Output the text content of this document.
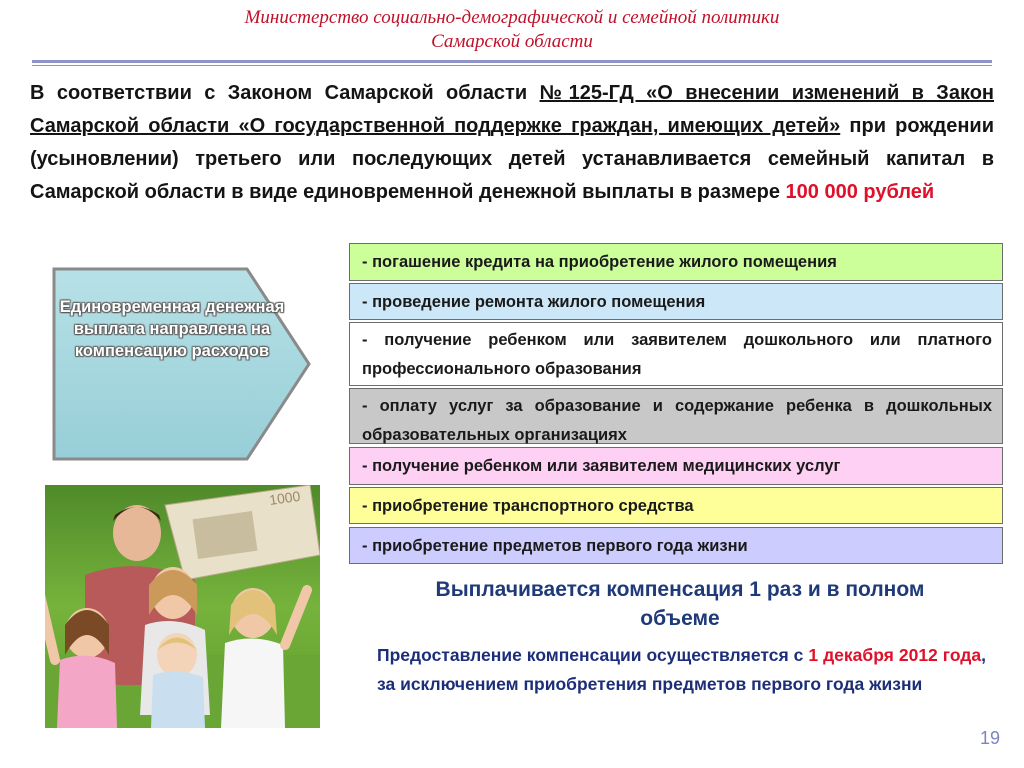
Министерство социально-демографической и семейной политики
Самарской области
В соответствии с Законом Самарской области №125-ГД «О внесении изменений в Закон Самарской области «О государственной поддержке граждан, имеющих детей» при рождении (усыновлении) третьего или последующих детей устанавливается семейный капитал в Самарской области в виде единовременной денежной выплаты в размере 100 000 рублей
Единовременная денежная выплата направлена на компенсацию расходов
- погашение кредита на приобретение жилого помещения
- проведение ремонта жилого помещения
- получение ребенком или заявителем дошкольного или платного профессионального образования
- оплату услуг за образование и содержание ребенка в дошкольных образовательных организациях
- получение ребенком или заявителем медицинских услуг
- приобретение транспортного средства
- приобретение предметов первого года жизни
1000
Выплачивается компенсация 1 раз и в полном объеме
Предоставление компенсации осуществляется с 1 декабря 2012 года, за исключением приобретения предметов первого года жизни
19
